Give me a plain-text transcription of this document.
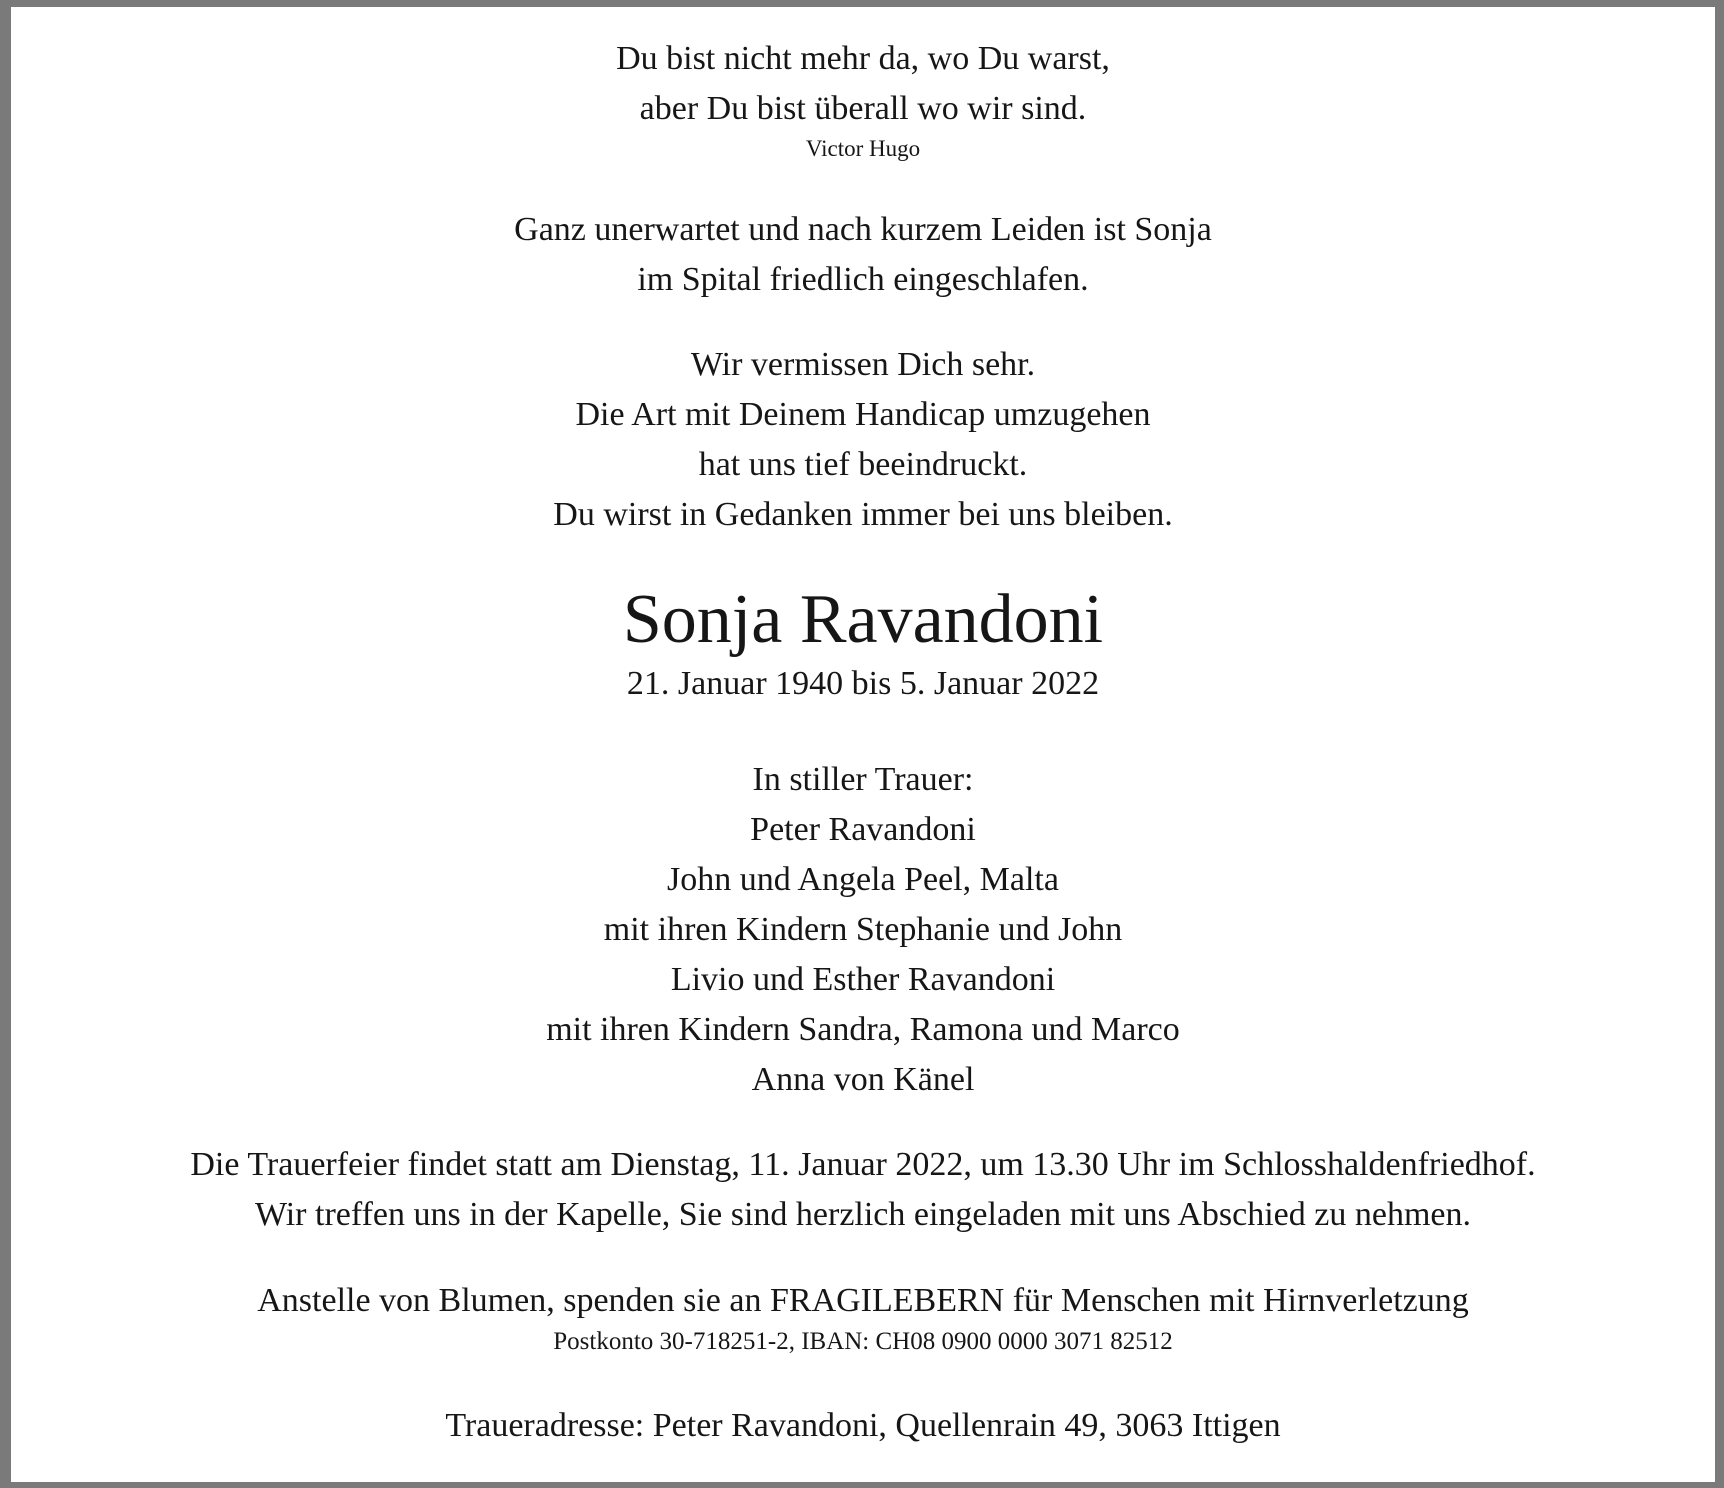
Du bist nicht mehr da, wo Du warst,
aber Du bist überall wo wir sind.
Victor Hugo
Ganz unerwartet und nach kurzem Leiden ist Sonja
im Spital friedlich eingeschlafen.
Wir vermissen Dich sehr.
Die Art mit Deinem Handicap umzugehen
hat uns tief beeindruckt.
Du wirst in Gedanken immer bei uns bleiben.
Sonja Ravandoni
21. Januar 1940 bis 5. Januar 2022
In stiller Trauer:
Peter Ravandoni
John und Angela Peel, Malta
mit ihren Kindern Stephanie und John
Livio und Esther Ravandoni
mit ihren Kindern Sandra, Ramona und Marco
Anna von Känel
Die Trauerfeier findet statt am Dienstag, 11. Januar 2022, um 13.30 Uhr im Schlosshaldenfriedhof.
Wir treffen uns in der Kapelle, Sie sind herzlich eingeladen mit uns Abschied zu nehmen.
Anstelle von Blumen, spenden sie an FRAGILEBERN für Menschen mit Hirnverletzung
Postkonto 30-718251-2, IBAN: CH08 0900 0000 3071 82512
Traueradresse: Peter Ravandoni, Quellenrain 49, 3063 Ittigen
